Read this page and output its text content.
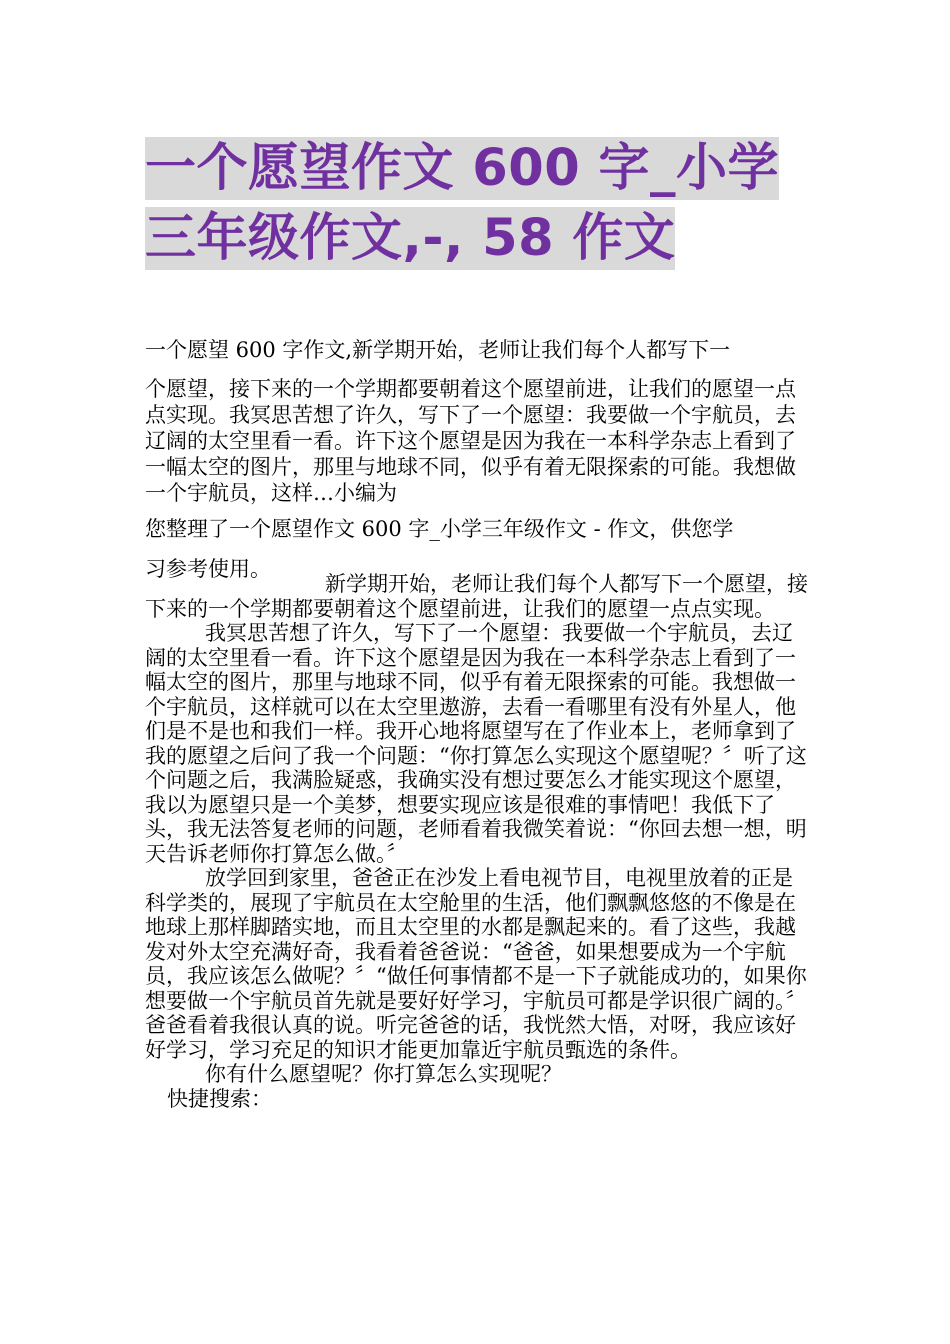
一个愿望作文 600 字_小学
三年级作文,-, 58 作文

一个愿望 600 字作文,新学期开始，老师让我们每个人都写下一

个愿望，接下来的一个学期都要朝着这个愿望前进，让我们的愿望一点点实现。我冥思苦想了许久，写下了一个愿望：我要做一个宇航员，去辽阔的太空里看一看。许下这个愿望是因为我在一本科学杂志上看到了一幅太空的图片，那里与地球不同，似乎有着无限探索的可能。我想做一个宇航员，这样…小编为

您整理了一个愿望作文 600 字_小学三年级作文 - 作文，供您学

习参考使用。

新学期开始，老师让我们每个人都写下一个愿望，接下来的一个学期都要朝着这个愿望前进，让我们的愿望一点点实现。

我冥思苦想了许久，写下了一个愿望：我要做一个宇航员，去辽阔的太空里看一看。许下这个愿望是因为我在一本科学杂志上看到了一幅太空的图片，那里与地球不同，似乎有着无限探索的可能。我想做一个宇航员，这样就可以在太空里遨游，去看一看哪里有没有外星人，他们是不是也和我们一样。我开心地将愿望写在了作业本上，老师拿到了我的愿望之后问了我一个问题：“你打算怎么实现这个愿望呢？〞听了这个问题之后，我满脸疑惑，我确实没有想过要怎么才能实现这个愿望，我以为愿望只是一个美梦，想要实现应该是很难的事情吧！我低下了头，我无法答复老师的问题，老师看着我微笑着说：“你回去想一想，明天告诉老师你打算怎么做。〞

放学回到家里，爸爸正在沙发上看电视节目，电视里放着的正是科学类的，展现了宇航员在太空舱里的生活，他们飘飘悠悠的不像是在地球上那样脚踏实地，而且太空里的水都是飘起来的。看了这些，我越发对外太空充满好奇，我看着爸爸说：“爸爸，如果想要成为一个宇航员，我应该怎么做呢？〞“做任何事情都不是一下子就能成功的，如果你想要做一个宇航员首先就是要好好学习，宇航员可都是学识很广阔的。〞爸爸看着我很认真的说。听完爸爸的话，我恍然大悟，对呀，我应该好好学习，学习充足的知识才能更加靠近宇航员甄选的条件。

你有什么愿望呢？你打算怎么实现呢？

快捷搜索：
